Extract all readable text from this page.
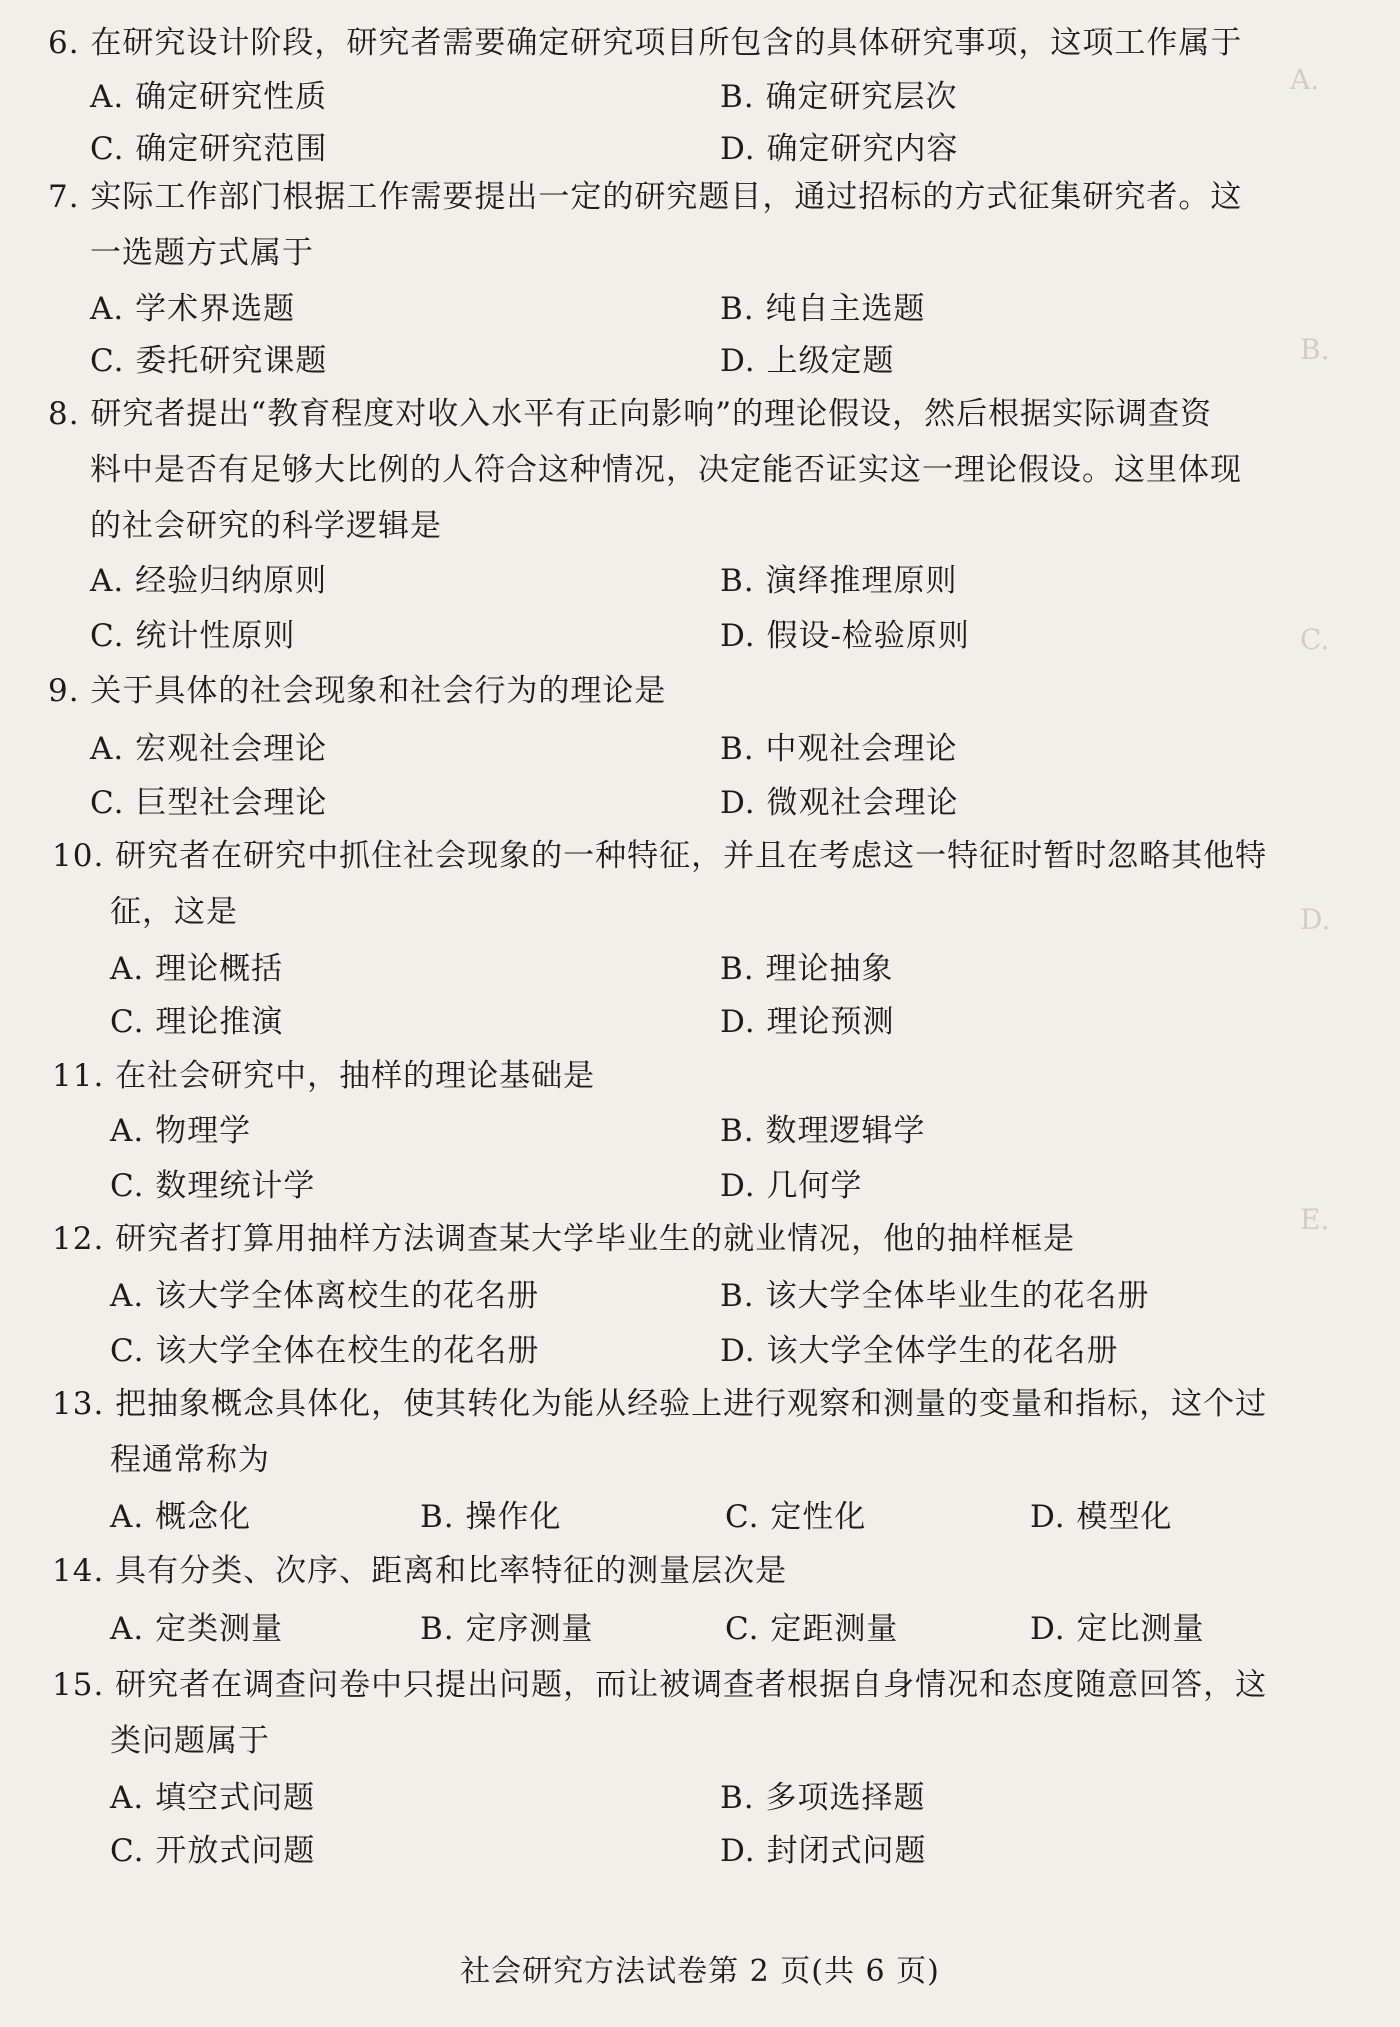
A.
B.
C.
D.
E.
6. 在研究设计阶段，研究者需要确定研究项目所包含的具体研究事项，这项工作属于
A. 确定研究性质	B. 确定研究层次
C. 确定研究范围	D. 确定研究内容
7. 实际工作部门根据工作需要提出一定的研究题目，通过招标的方式征集研究者。这
一选题方式属于
A. 学术界选题	B. 纯自主选题
C. 委托研究课题	D. 上级定题
8. 研究者提出“教育程度对收入水平有正向影响”的理论假设，然后根据实际调查资
料中是否有足够大比例的人符合这种情况，决定能否证实这一理论假设。这里体现
的社会研究的科学逻辑是
A. 经验归纳原则	B. 演绎推理原则
C. 统计性原则	D. 假设-检验原则
9. 关于具体的社会现象和社会行为的理论是
A. 宏观社会理论	B. 中观社会理论
C. 巨型社会理论	D. 微观社会理论
10. 研究者在研究中抓住社会现象的一种特征，并且在考虑这一特征时暂时忽略其他特
征，这是
A. 理论概括	B. 理论抽象
C. 理论推演	D. 理论预测
11. 在社会研究中，抽样的理论基础是
A. 物理学	B. 数理逻辑学
C. 数理统计学	D. 几何学
12. 研究者打算用抽样方法调查某大学毕业生的就业情况，他的抽样框是
A. 该大学全体离校生的花名册	B. 该大学全体毕业生的花名册
C. 该大学全体在校生的花名册	D. 该大学全体学生的花名册
13. 把抽象概念具体化，使其转化为能从经验上进行观察和测量的变量和指标，这个过
程通常称为
A. 概念化	B. 操作化	C. 定性化	D. 模型化
14. 具有分类、次序、距离和比率特征的测量层次是
A. 定类测量	B. 定序测量	C. 定距测量	D. 定比测量
15. 研究者在调查问卷中只提出问题，而让被调查者根据自身情况和态度随意回答，这
类问题属于
A. 填空式问题	B. 多项选择题
C. 开放式问题	D. 封闭式问题
社会研究方法试卷第 2 页(共 6 页)
